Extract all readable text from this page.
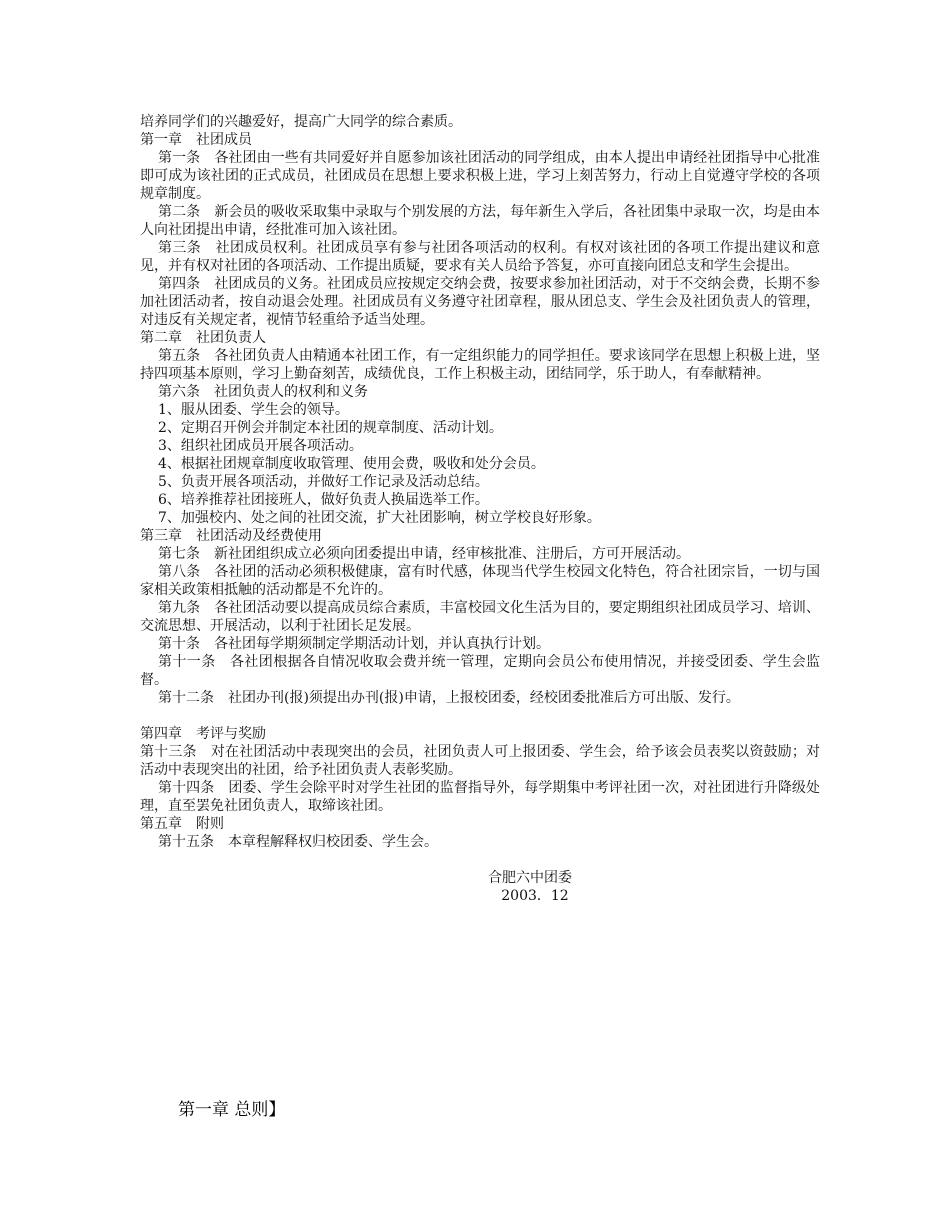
培养同学们的兴趣爱好，提高广大同学的综合素质。
第一章　社团成员

第一条　各社团由一些有共同爱好并自愿参加该社团活动的同学组成，由本人提出申请经社团指导中心批准即可成为该社团的正式成员，社团成员在思想上要求积极上进，学习上刻苦努力，行动上自觉遵守学校的各项规章制度。

第二条　新会员的吸收采取集中录取与个别发展的方法，每年新生入学后，各社团集中录取一次，均是由本人向社团提出申请，经批准可加入该社团。

第三条　社团成员权利。社团成员享有参与社团各项活动的权利。有权对该社团的各项工作提出建议和意见，并有权对社团的各项活动、工作提出质疑，要求有关人员给予答复，亦可直接向团总支和学生会提出。

第四条　社团成员的义务。社团成员应按规定交纳会费，按要求参加社团活动，对于不交纳会费，长期不参加社团活动者，按自动退会处理。社团成员有义务遵守社团章程，服从团总支、学生会及社团负责人的管理，对违反有关规定者，视情节轻重给予适当处理。

第二章　社团负责人

第五条　各社团负责人由精通本社团工作，有一定组织能力的同学担任。要求该同学在思想上积极上进，坚持四项基本原则，学习上勤奋刻苦，成绩优良，工作上积极主动，团结同学，乐于助人，有奉献精神。

第六条　社团负责人的权利和义务

1、服从团委、学生会的领导。

2、定期召开例会并制定本社团的规章制度、活动计划。

3、组织社团成员开展各项活动。

4、根据社团规章制度收取管理、使用会费，吸收和处分会员。

5、负责开展各项活动，并做好工作记录及活动总结。

6、培养推荐社团接班人，做好负责人换届选举工作。

7、加强校内、处之间的社团交流，扩大社团影响，树立学校良好形象。

第三章　社团活动及经费使用

第七条　新社团组织成立必须向团委提出申请，经审核批准、注册后，方可开展活动。

第八条　各社团的活动必须积极健康，富有时代感，体现当代学生校园文化特色，符合社团宗旨，一切与国家相关政策相抵触的活动都是不允许的。

第九条　各社团活动要以提高成员综合素质，丰富校园文化生活为目的，要定期组织社团成员学习、培训、交流思想、开展活动，以利于社团长足发展。

第十条　各社团每学期须制定学期活动计划，并认真执行计划。

第十一条　各社团根据各自情况收取会费并统一管理，定期向会员公布使用情况，并接受团委、学生会监督。

第十二条　社团办刊(报)须提出办刊(报)申请，上报校团委，经校团委批准后方可出版、发行。

第四章　考评与奖励

第十三条　对在社团活动中表现突出的会员，社团负责人可上报团委、学生会，给予该会员表奖以资鼓励；对活动中表现突出的社团，给予社团负责人表彰奖励。

第十四条　团委、学生会除平时对学生社团的监督指导外，每学期集中考评社团一次，对社团进行升降级处理，直至罢免社团负责人，取缔该社团。

第五章　附则

第十五条　本章程解释权归校团委、学生会。

合肥六中团委
2003．12
第一章 总则】
